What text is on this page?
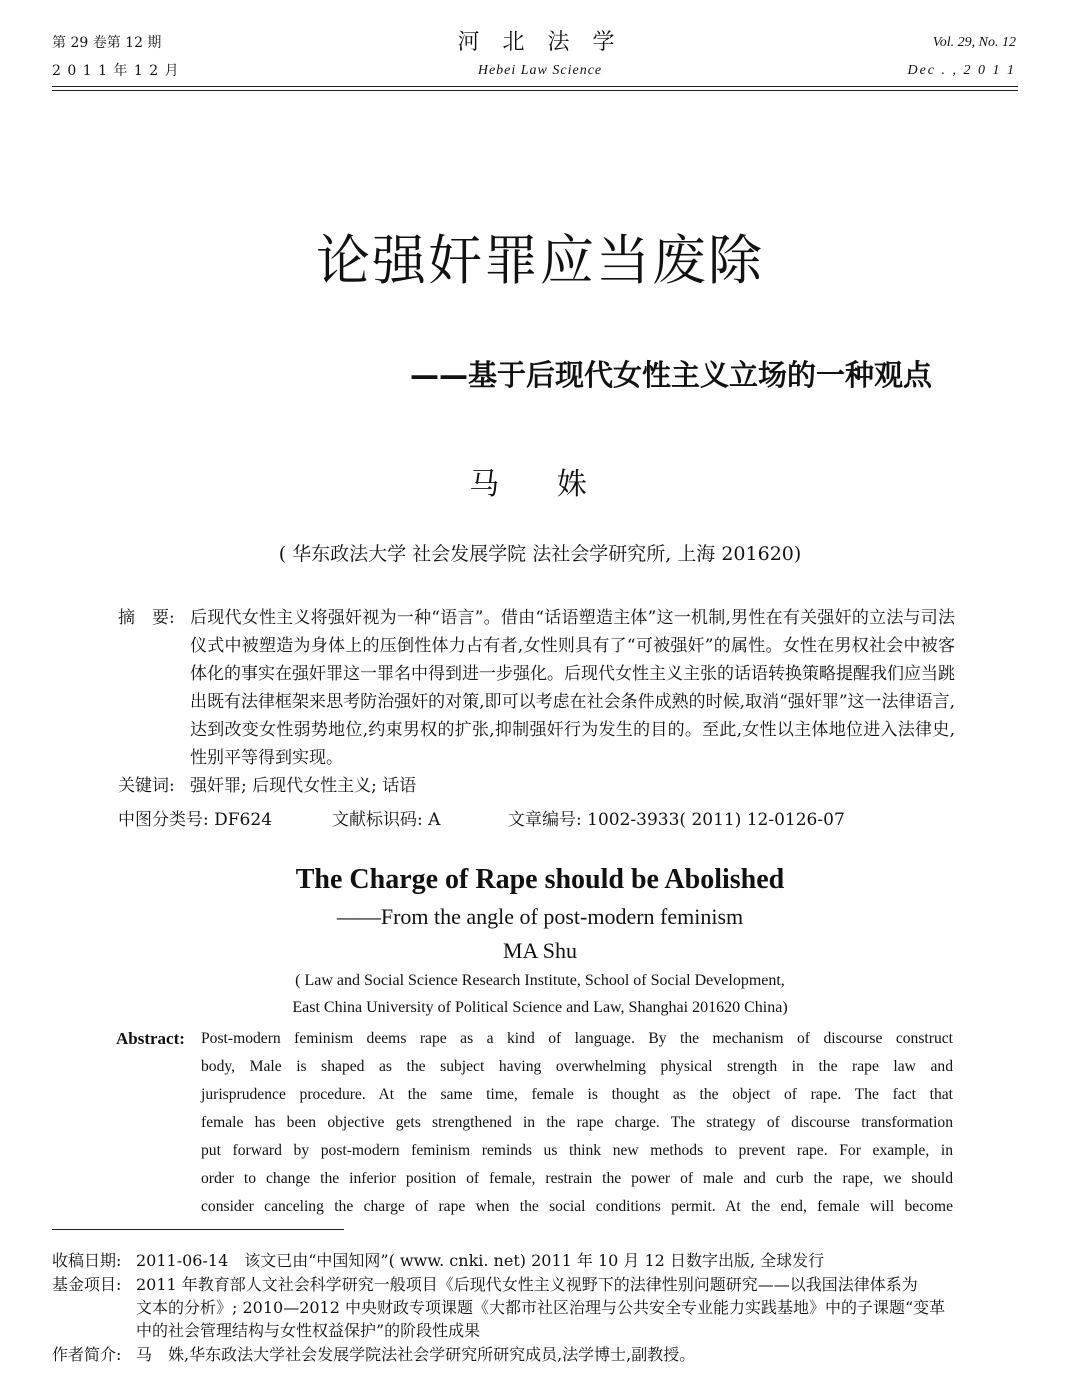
第 29 卷第 12 期
2 0 1 1 年 1 2 月
河 北 法 学
Hebei Law Science
Vol. 29, No. 12
Dec . , 2 0 1 1
论强奸罪应当废除
——基于后现代女性主义立场的一种观点
马 姝
( 华东政法大学 社会发展学院 法社会学研究所, 上海 201620)
摘　要: 后现代女性主义将强奸视为一种“语言”。借由“话语塑造主体”这一机制,男性在有关强奸的立法与司法仪式中被塑造为身体上的压倒性体力占有者,女性则具有了“可被强奸”的属性。女性在男权社会中被客体化的事实在强奸罪这一罪名中得到进一步强化。后现代女性主义主张的话语转换策略提醒我们应当跳出既有法律框架来思考防治强奸的对策,即可以考虑在社会条件成熟的时候,取消“强奸罪”这一法律语言,达到改变女性弱势地位,约束男权的扩张,抑制强奸行为发生的目的。至此,女性以主体地位进入法律史,性别平等得到实现。
关键词: 强奸罪; 后现代女性主义; 话语
中图分类号: DF624	文献标识码: A	文章编号: 1002-3933( 2011) 12-0126-07
The Charge of Rape should be Abolished
——From the angle of post-modern feminism
MA Shu
( Law and Social Science Research Institute, School of Social Development,
East China University of Political Science and Law, Shanghai 201620 China)
Abstract: Post-modern feminism deems rape as a kind of language. By the mechanism of discourse construct
body, Male is shaped as the subject having overwhelming physical strength in the rape law and
jurisprudence procedure. At the same time, female is thought as the object of rape. The fact that
female has been objective gets strengthened in the rape charge. The strategy of discourse transformation
put forward by post-modern feminism reminds us think new methods to prevent rape. For example, in
order to change the inferior position of female, restrain the power of male and curb the rape, we should
consider canceling the charge of rape when the social conditions permit. At the end, female will become
收稿日期: 2011-06-14　该文已由“中国知网”( www. cnki. net) 2011 年 10 月 12 日数字出版, 全球发行
基金项目: 2011 年教育部人文社会科学研究一般项目《后现代女性主义视野下的法律性别问题研究——以我国法律体系为
文本的分析》; 2010—2012 中央财政专项课题《大都市社区治理与公共安全专业能力实践基地》中的子课题“变革
中的社会管理结构与女性权益保护”的阶段性成果
作者简介: 马　姝,华东政法大学社会发展学院法社会学研究所研究成员,法学博士,副教授。
